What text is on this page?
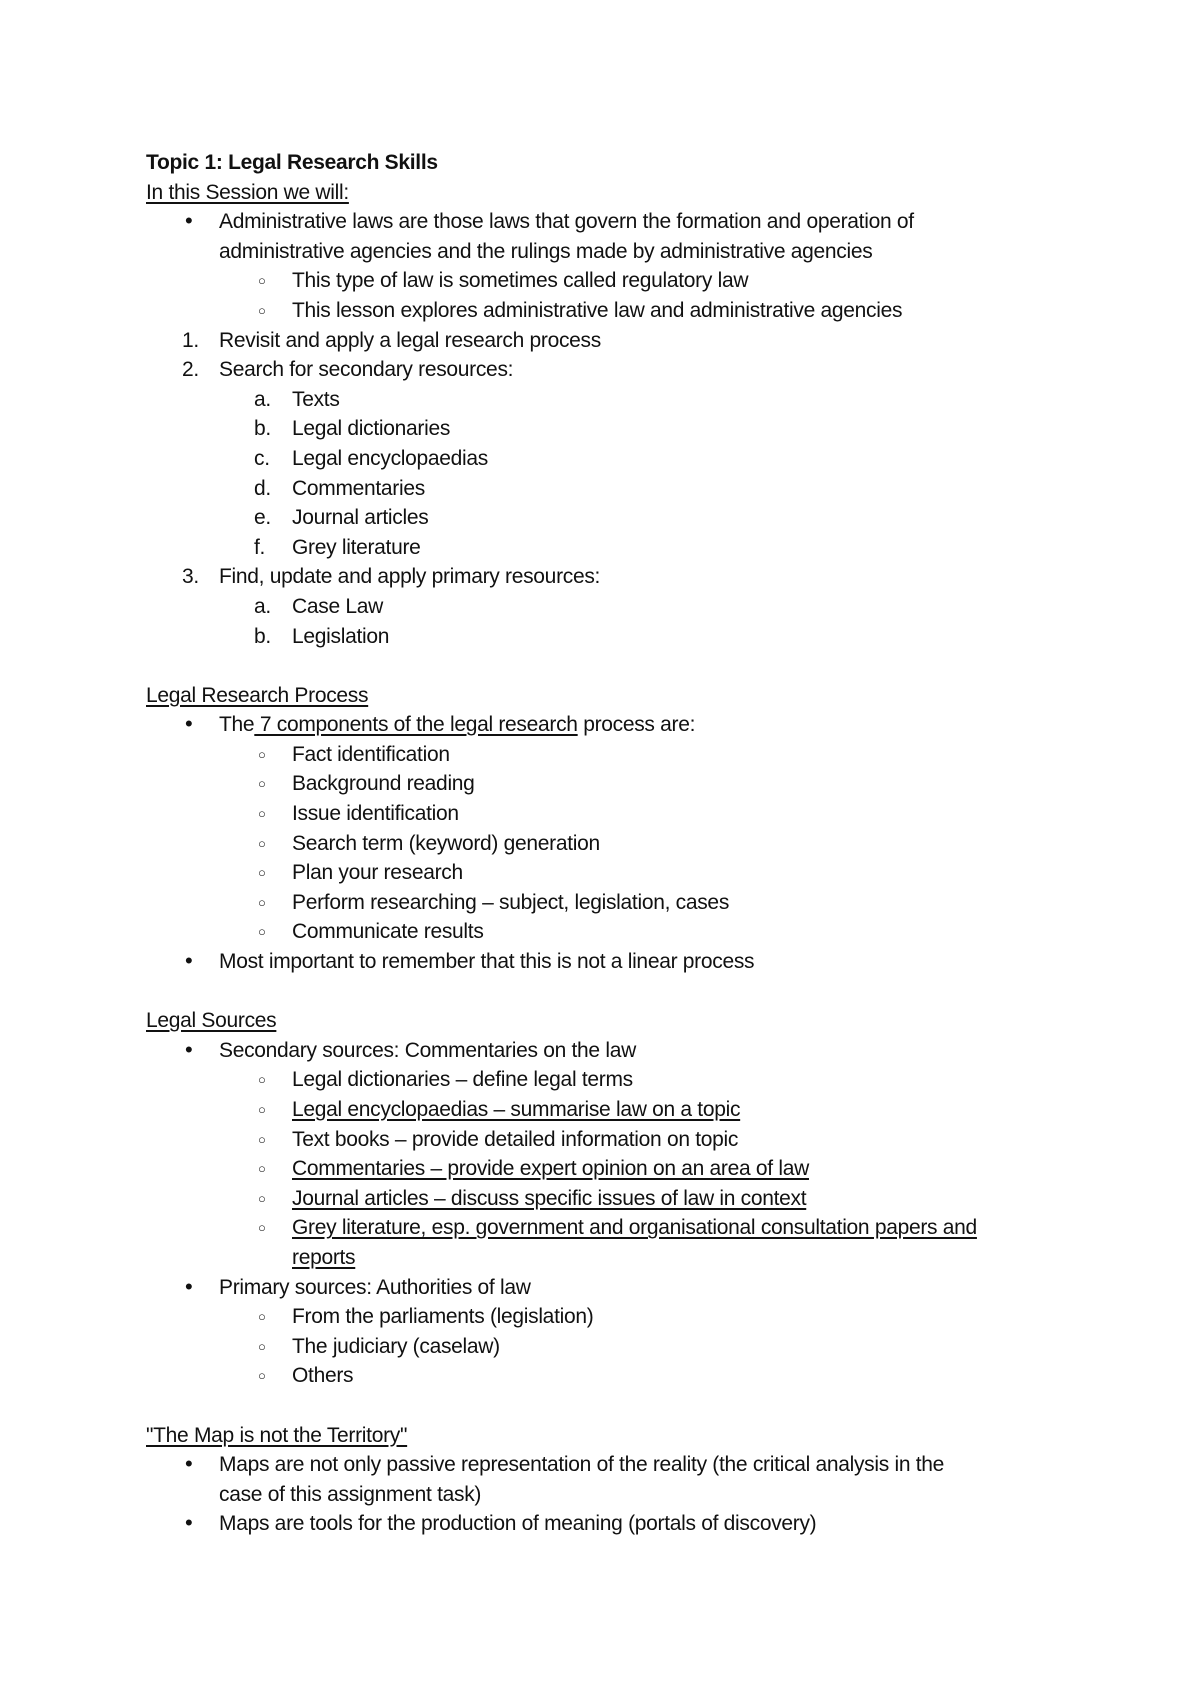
Topic 1: Legal Research Skills
In this Session we will:
• Administrative laws are those laws that govern the formation and operation of
administrative agencies and the rulings made by administrative agencies
○ This type of law is sometimes called regulatory law
○ This lesson explores administrative law and administrative agencies
1. Revisit and apply a legal research process
2. Search for secondary resources:
a. Texts
b. Legal dictionaries
c. Legal encyclopaedias
d. Commentaries
e. Journal articles
f. Grey literature
3. Find, update and apply primary resources:
a. Case Law
b. Legislation
Legal Research Process
• The 7 components of the legal research process are:
○ Fact identification
○ Background reading
○ Issue identification
○ Search term (keyword) generation
○ Plan your research
○ Perform researching – subject, legislation, cases
○ Communicate results
• Most important to remember that this is not a linear process
Legal Sources
• Secondary sources: Commentaries on the law
○ Legal dictionaries – define legal terms
○ Legal encyclopaedias – summarise law on a topic
○ Text books – provide detailed information on topic
○ Commentaries – provide expert opinion on an area of law
○ Journal articles – discuss specific issues of law in context
○ Grey literature, esp. government and organisational consultation papers and
reports
• Primary sources: Authorities of law
○ From the parliaments (legislation)
○ The judiciary (caselaw)
○ Others
"The Map is not the Territory"
• Maps are not only passive representation of the reality (the critical analysis in the
case of this assignment task)
• Maps are tools for the production of meaning (portals of discovery)
